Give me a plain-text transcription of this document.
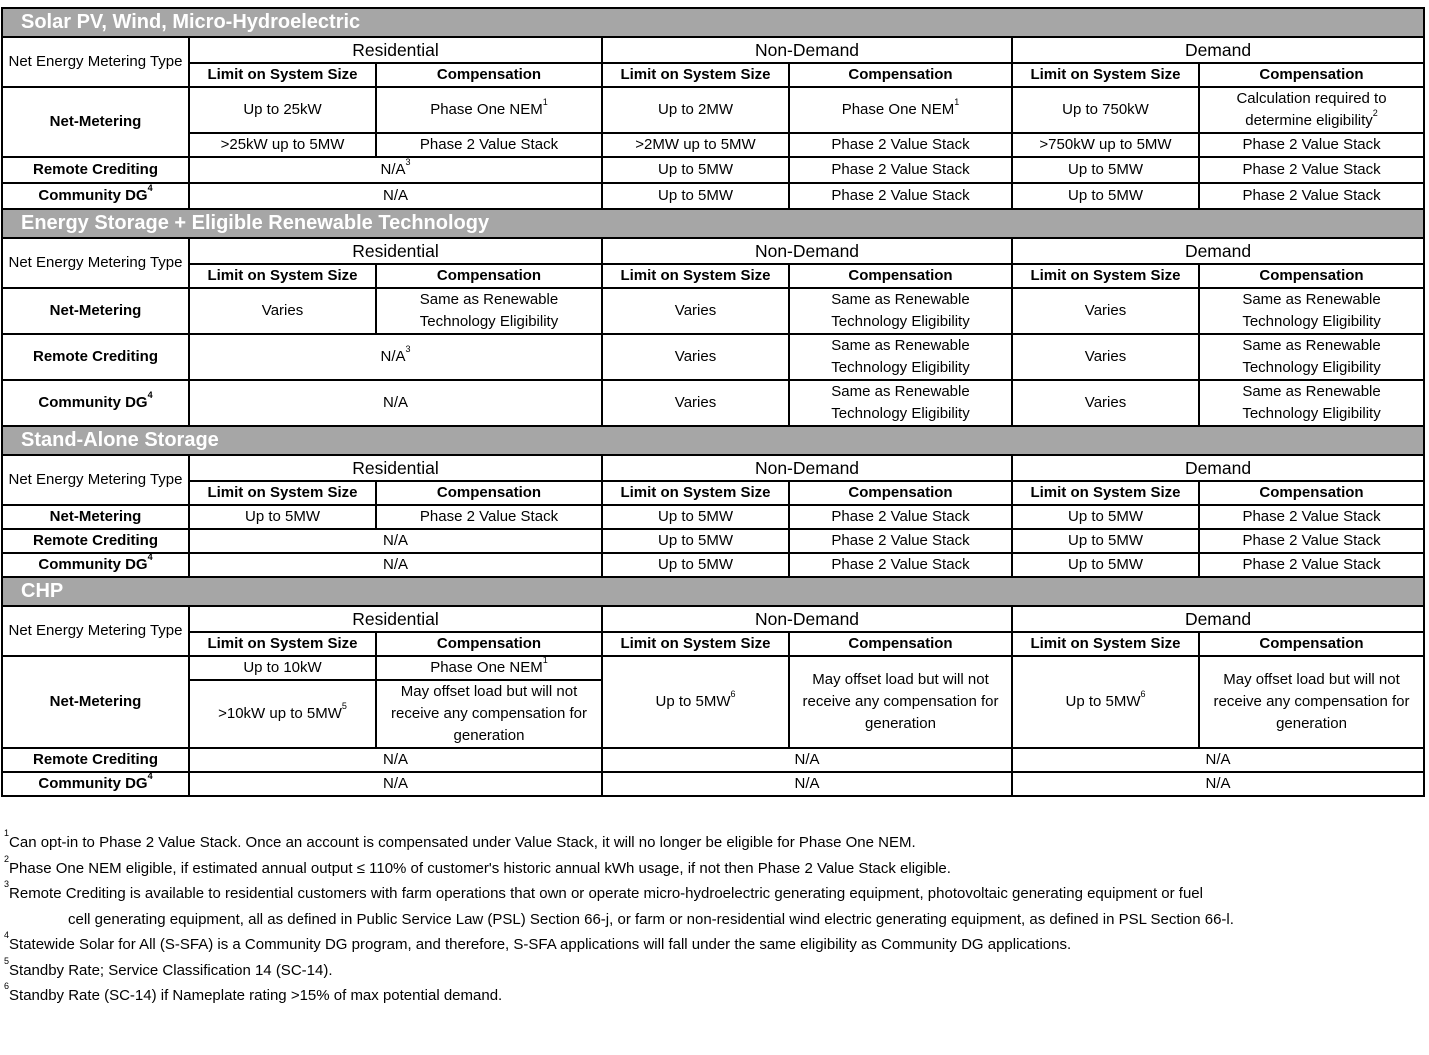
Solar PV, Wind, Micro-Hydroelectric						
Net Energy Metering Type	Residential		Non-Demand		Demand	
	Limit on System Size	Compensation	Limit on System Size	Compensation	Limit on System Size	Compensation
Net-Metering	Up to 25kW	Phase One NEM$^1$	Up to 2MW	Phase One NEM$^1$	Up to 750kW	Calculation required to determine eligibility$^2$
	>25kW up to 5MW	Phase 2 Value Stack	>2MW up to 5MW	Phase 2 Value Stack	>750kW up to 5MW	Phase 2 Value Stack
Remote Crediting	$N/A^3$		Up to 5MW	Phase 2 Value Stack	Up to 5MW	Phase 2 Value Stack
Community $DG^4$	N/A		Up to 5MW	Phase 2 Value Stack	Up to 5MW	Phase 2 Value Stack
Energy Storage + Eligible Renewable Technology						
Net Energy Metering Type	Residential		Non-Demand		Demand	
	Limit on System Size	Compensation	Limit on System Size	Compensation	Limit on System Size	Compensation
Net-Metering	Varies	Same as Renewable Technology Eligibility	Varies	Same as Renewable Technology Eligibility	Varies	Same as Renewable Technology Eligibility
Remote Crediting	$N/A^3$		Varies	Same as Renewable Technology Eligibility	Varies	Same as Renewable Technology Eligibility
Community $DG^4$	N/A		Varies	Same as Renewable Technology Eligibility	Varies	Same as Renewable Technology Eligibility
Stand-Alone Storage						
Net Energy Metering Type	Residential		Non-Demand		Demand	
	Limit on System Size	Compensation	Limit on System Size	Compensation	Limit on System Size	Compensation
Net-Metering	Up to 5MW	Phase 2 Value Stack	Up to 5MW	Phase 2 Value Stack	Up to 5MW	Phase 2 Value Stack
Remote Crediting	N/A		Up to 5MW	Phase 2 Value Stack	Up to 5MW	Phase 2 Value Stack
Community $DG^4$	N/A		Up to 5MW	Phase 2 Value Stack	Up to 5MW	Phase 2 Value Stack
CHP						
Net Energy Metering Type	Residential		Non-Demand		Demand	
	Limit on System Size	Compensation	Limit on System Size	Compensation	Limit on System Size	Compensation
Net-Metering	Up to 10kW	Phase One NEM$^1$	Up to $5MW^6$	May offset load but will not receive any compensation for generation	Up to $5MW^6$	May offset load but will not receive any compensation for generation
	>10kW up to $5MW^5$	May offset load but will not receive any compensation for generation				
Remote Crediting	N/A		N/A		N/A	
Community $DG^4$	N/A		N/A		N/A	

$^1$Can opt-in to Phase 2 Value Stack. Once an account is compensated under Value Stack, it will no longer be eligible for Phase One NEM.

$^2$Phase One NEM eligible, if estimated annual output ≤ 110% of customer's historic annual kWh usage, if not then Phase 2 Value Stack eligible.

$^3$Remote Crediting is available to residential customers with farm operations that own or operate micro-hydroelectric generating equipment, photovoltaic generating equipment or fuel

cell generating equipment, all as defined in Public Service Law (PSL) Section 66-j, or farm or non-residential wind electric generating equipment, as defined in PSL Section 66-l.

$^4$Statewide Solar for All (S-SFA) is a Community DG program, and therefore, S-SFA applications will fall under the same eligibility as Community DG applications.

$^5$Standby Rate; Service Classification 14 (SC-14).

$^6$Standby Rate (SC-14) if Nameplate rating >15% of max potential demand.
